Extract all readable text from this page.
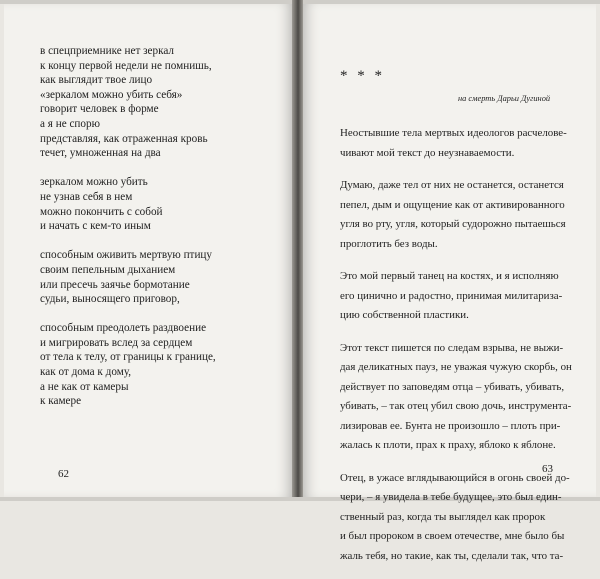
в спецприемнике нет зеркал
к концу первой недели не помнишь,
как выглядит твое лицо
«зеркалом можно убить себя»
говорит человек в форме
а я не спорю
представляя, как отраженная кровь
течет, умноженная на два
зеркалом можно убить
не узнав себя в нем
можно покончить с собой
и начать с кем-то иным
способным оживить мертвую птицу
своим пепельным дыханием
или пресечь заячье бормотание
судьи, выносящего приговор,
способным преодолеть раздвоение
и мигрировать вслед за сердцем
от тела к телу, от границы к границе,
как от дома к дому,
а не как от камеры
к камере
62
* * *
на смерть Дарьи Дугиной
Неостывшие тела мертвых идеологов расчелове-
чивают мой текст до неузнаваемости.
Думаю, даже тел от них не останется, останется
пепел, дым и ощущение как от активированного
угля во рту, угля, который судорожно пытаешься
проглотить без воды.
Это мой первый танец на костях, и я исполняю
его цинично и радостно, принимая милитаризa-
цию собственной пластики.
Этот текст пишется по следам взрыва, не выжи-
дая деликатных пауз, не уважая чужую скорбь, он
действует по заповедям отца – убивать, убивать,
убивать, – так отец убил свою дочь, инструмента-
лизировав ее. Бунта не произошло – плоть при-
жалась к плоти, прах к праху, яблоко к яблоне.
Отец, в ужасе вглядывающийся в огонь своей до-
чери, – я увидела в тебе будущее, это был един-
ственный раз, когда ты выглядел как пророк
и был пророком в своем отечестве, мне было бы
жаль тебя, но такие, как ты, сделали так, что та-
63
